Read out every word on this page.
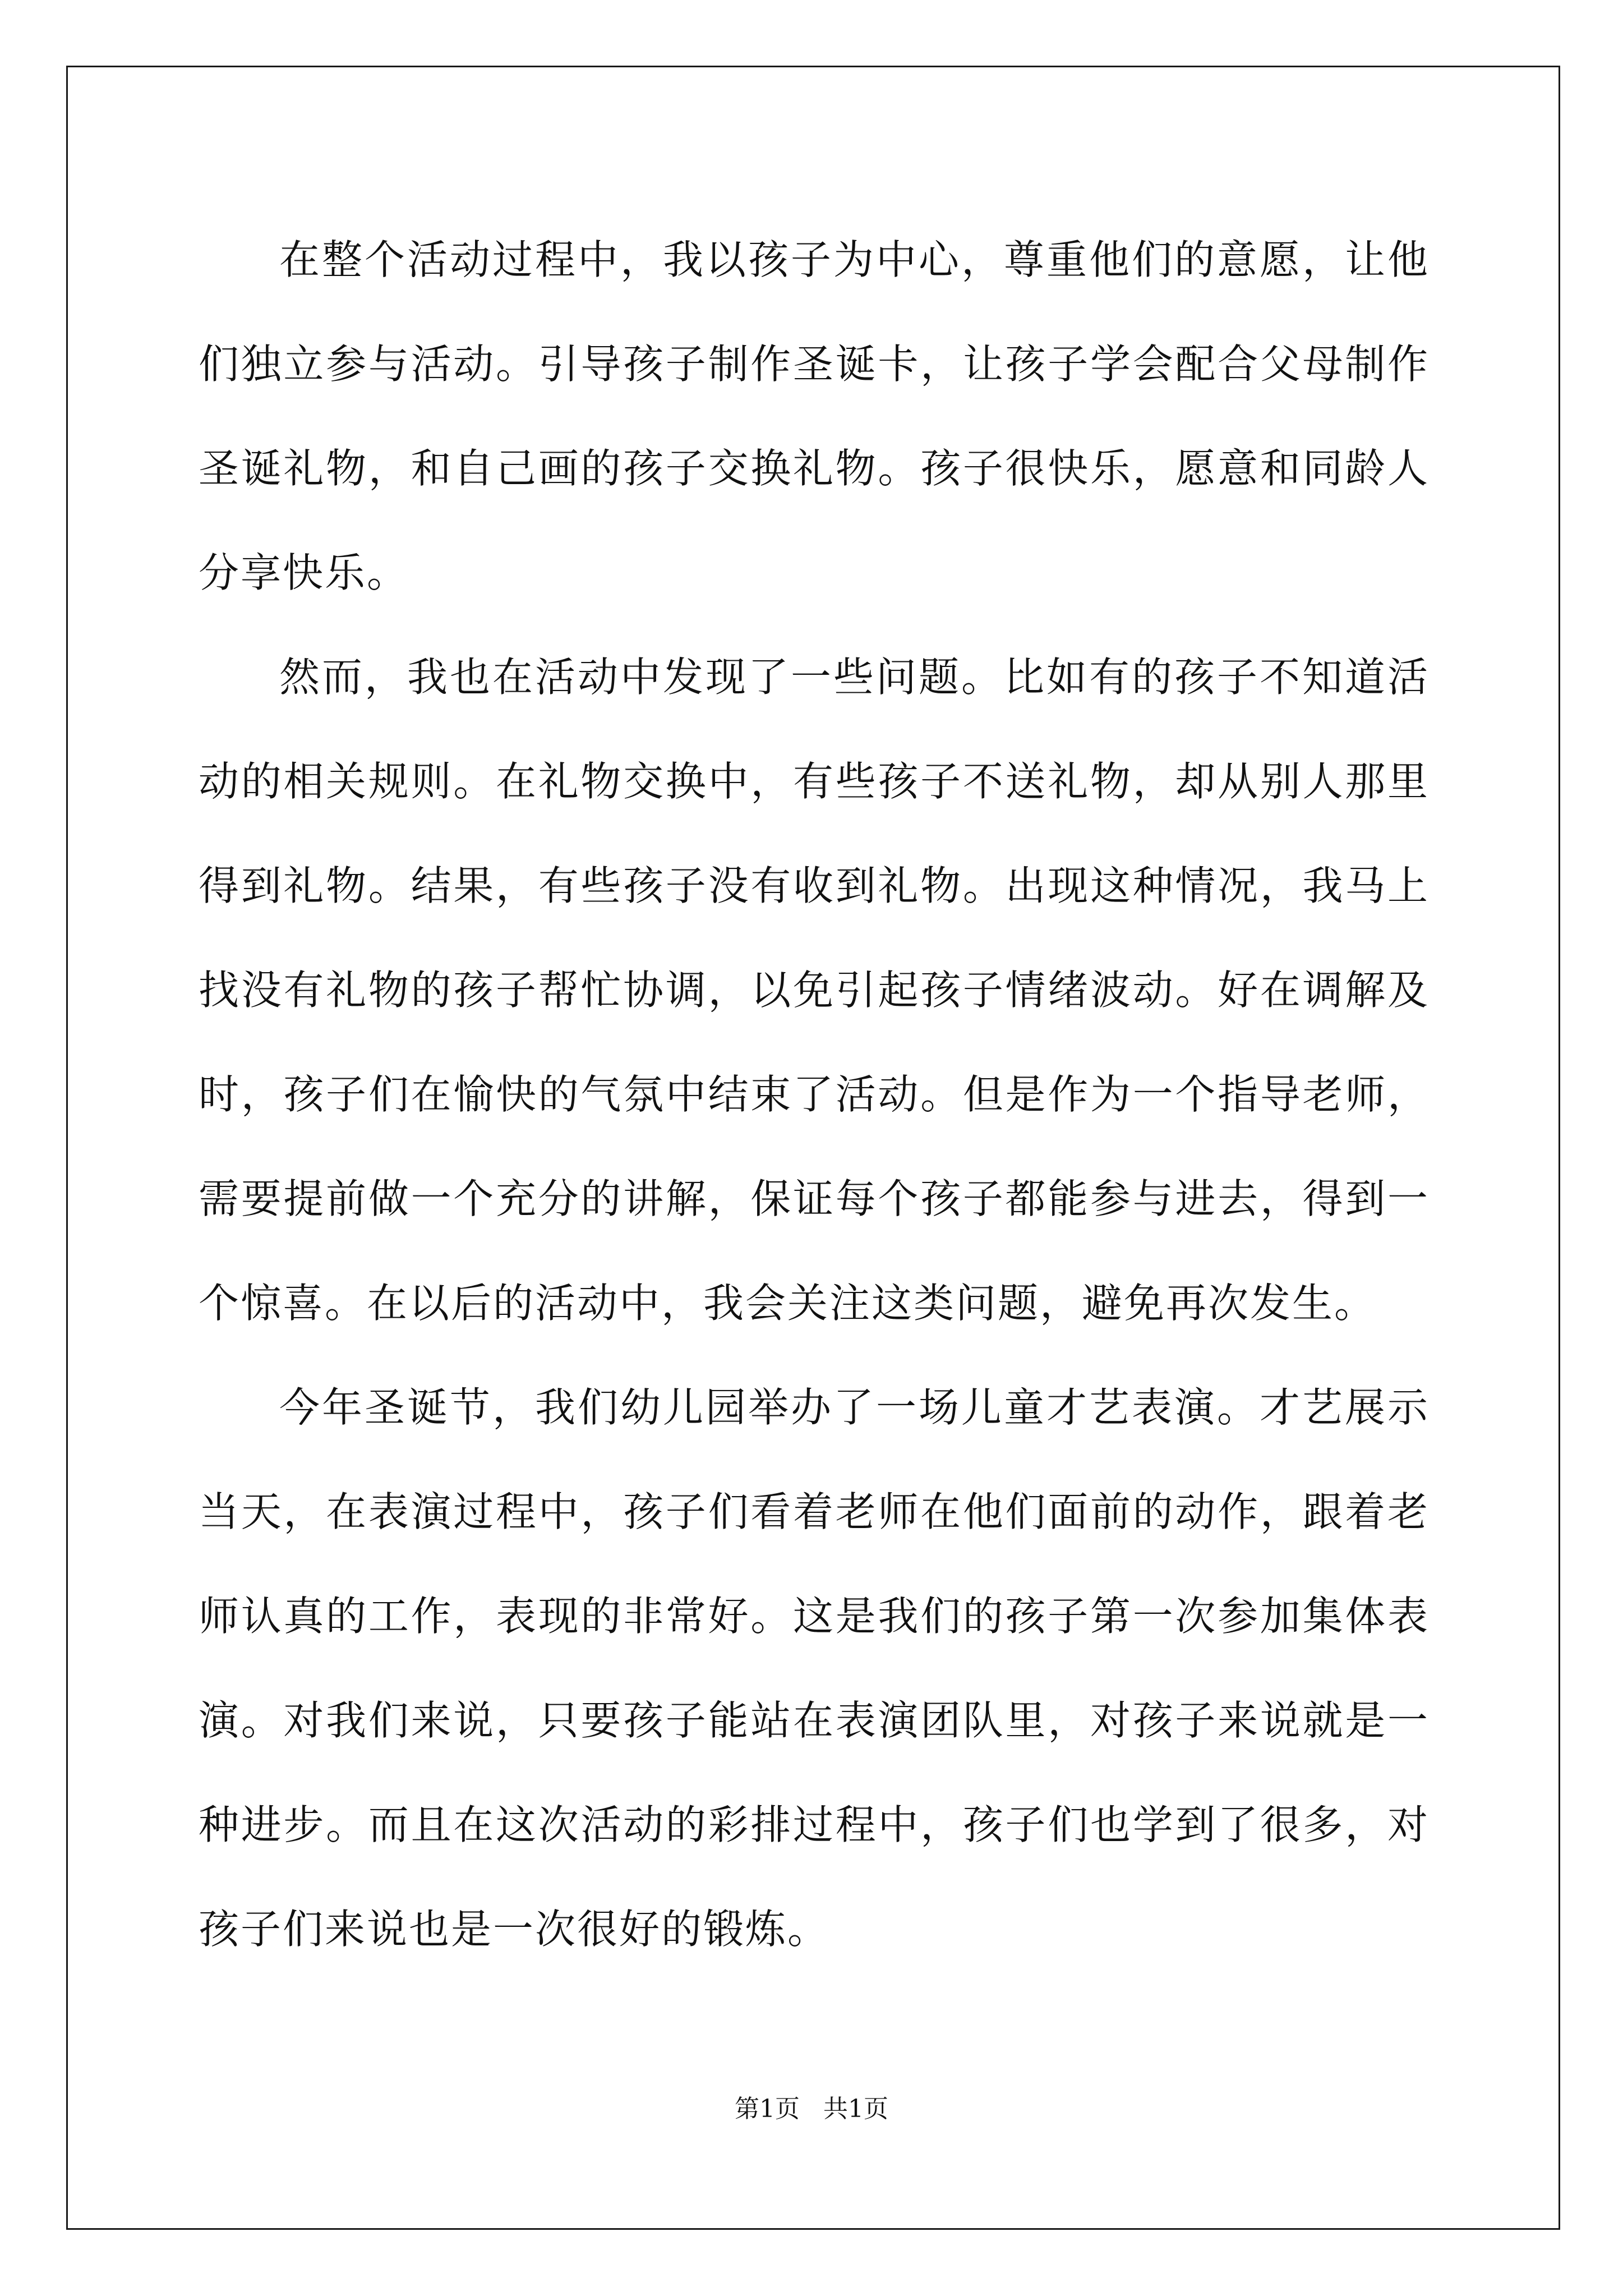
在整个活动过程中，我以孩子为中心，尊重他们的意愿，让他们独立参与活动。引导孩子制作圣诞卡，让孩子学会配合父母制作圣诞礼物，和自己画的孩子交换礼物。孩子很快乐，愿意和同龄人分享快乐。

然而，我也在活动中发现了一些问题。比如有的孩子不知道活动的相关规则。在礼物交换中，有些孩子不送礼物，却从别人那里得到礼物。结果，有些孩子没有收到礼物。出现这种情况，我马上找没有礼物的孩子帮忙协调，以免引起孩子情绪波动。好在调解及时，孩子们在愉快的气氛中结束了活动。但是作为一个指导老师，需要提前做一个充分的讲解，保证每个孩子都能参与进去，得到一个惊喜。在以后的活动中，我会关注这类问题，避免再次发生。

今年圣诞节，我们幼儿园举办了一场儿童才艺表演。才艺展示当天，在表演过程中，孩子们看着老师在他们面前的动作，跟着老师认真的工作，表现的非常好。这是我们的孩子第一次参加集体表演。对我们来说，只要孩子能站在表演团队里，对孩子来说就是一种进步。而且在这次活动的彩排过程中，孩子们也学到了很多，对孩子们来说也是一次很好的锻炼。

第1页   共1页
